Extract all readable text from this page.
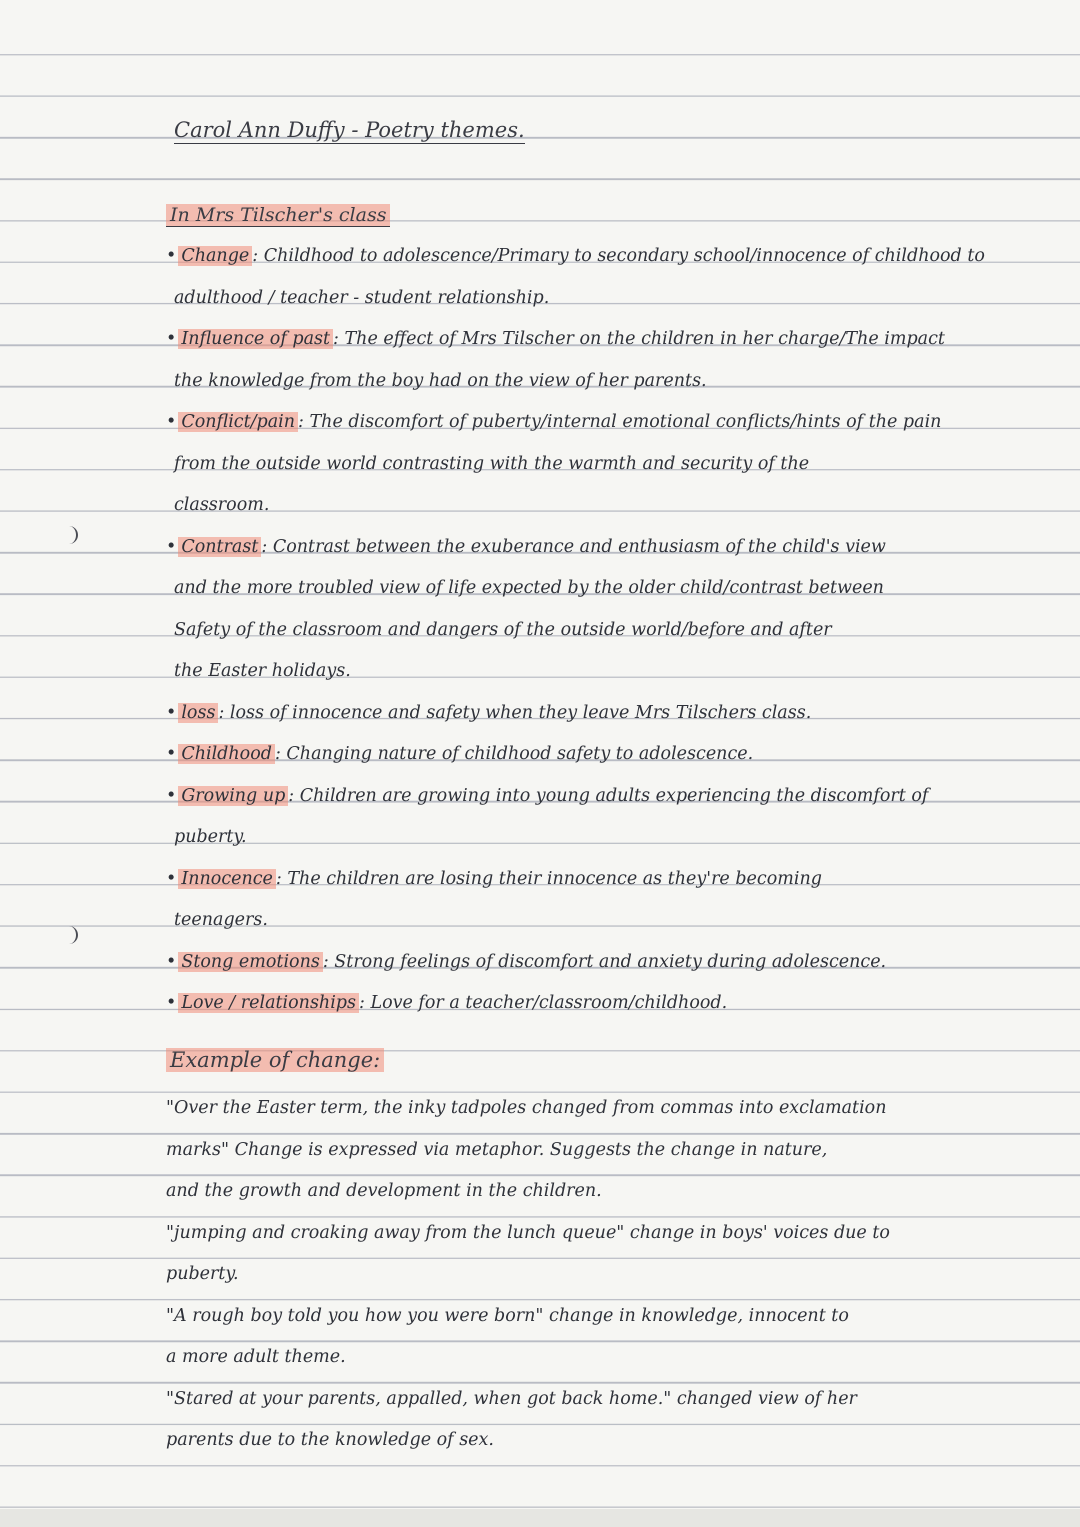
Carol Ann Duffy - Poetry themes.
In Mrs Tilscher's class

• Change : Childhood to adolescence/Primary to secondary school/innocence of childhood to

adulthood / teacher - student relationship.

• Influence of past : The effect of Mrs Tilscher on the children in her charge/The impact

the knowledge from the boy had on the view of her parents.

• Conflict/pain : The discomfort of puberty/internal emotional conflicts/hints of the pain

from the outside world contrasting with the warmth and security of the

classroom.

• Contrast : Contrast between the exuberance and enthusiasm of the child's view

and the more troubled view of life expected by the older child/contrast between

Safety of the classroom and dangers of the outside world/before and after

the Easter holidays.

• loss : loss of innocence and safety when they leave Mrs Tilschers class.

• Childhood : Changing nature of childhood safety to adolescence.

• Growing up : Children are growing into young adults experiencing the discomfort of

puberty.

• Innocence : The children are losing their innocence as they're becoming

teenagers.

• Stong emotions : Strong feelings of discomfort and anxiety during adolescence.

• Love / relationships : Love for a teacher/classroom/childhood.

Example of change:

"Over the Easter term, the inky tadpoles changed from commas into exclamation

marks" Change is expressed via metaphor. Suggests the change in nature,

and the growth and development in the children.

"jumping and croaking away from the lunch queue" change in boys' voices due to

puberty.

"A rough boy told you how you were born" change in knowledge, innocent to

a more adult theme.

"Stared at your parents, appalled, when got back home." changed view of her

parents due to the knowledge of sex.
